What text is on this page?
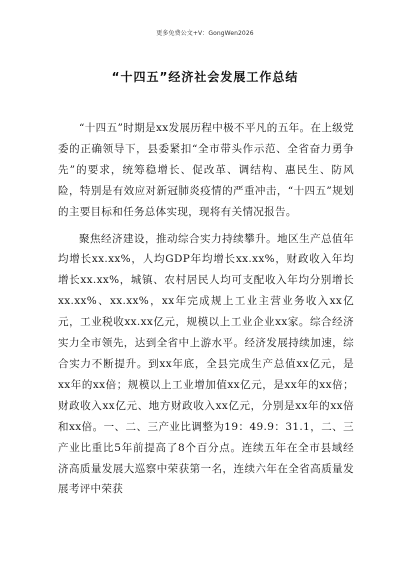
更多免费公文+V：GongWen2026
“十四五”经济社会发展工作总结

“十四五”时期是xx发展历程中极不平凡的五年。在上级党委的正确领导下，县委紧扣“全市带头作示范、全省奋力勇争先”的要求，统筹稳增长、促改革、调结构、惠民生、防风险，特别是有效应对新冠肺炎疫情的严重冲击，“十四五”规划的主要目标和任务总体实现，现将有关情况报告。

聚焦经济建设，推动综合实力持续攀升。地区生产总值年均增长xx.xx%，人均GDP年均增长xx.xx%，财政收入年均增长xx.xx%，城镇、农村居民人均可支配收入年均分别增长xx.xx%、xx.xx%，xx年完成规上工业主营业务收入xx亿元，工业税收xx.xx亿元，规模以上工业企业xx家。综合经济实力全市领先，达到全省中上游水平。经济发展持续加速，综合实力不断提升。到xx年底，全县完成生产总值xx亿元，是xx年的xx倍；规模以上工业增加值xx亿元，是xx年的xx倍；财政收入xx亿元、地方财政收入xx亿元，分别是xx年的xx倍和xx倍。一、二、三产业比调整为19：49.9：31.1，二、三产业比重比5年前提高了8个百分点。连续五年在全市县域经济高质量发展大巡察中荣获第一名，连续六年在全省高质量发展考评中荣获
